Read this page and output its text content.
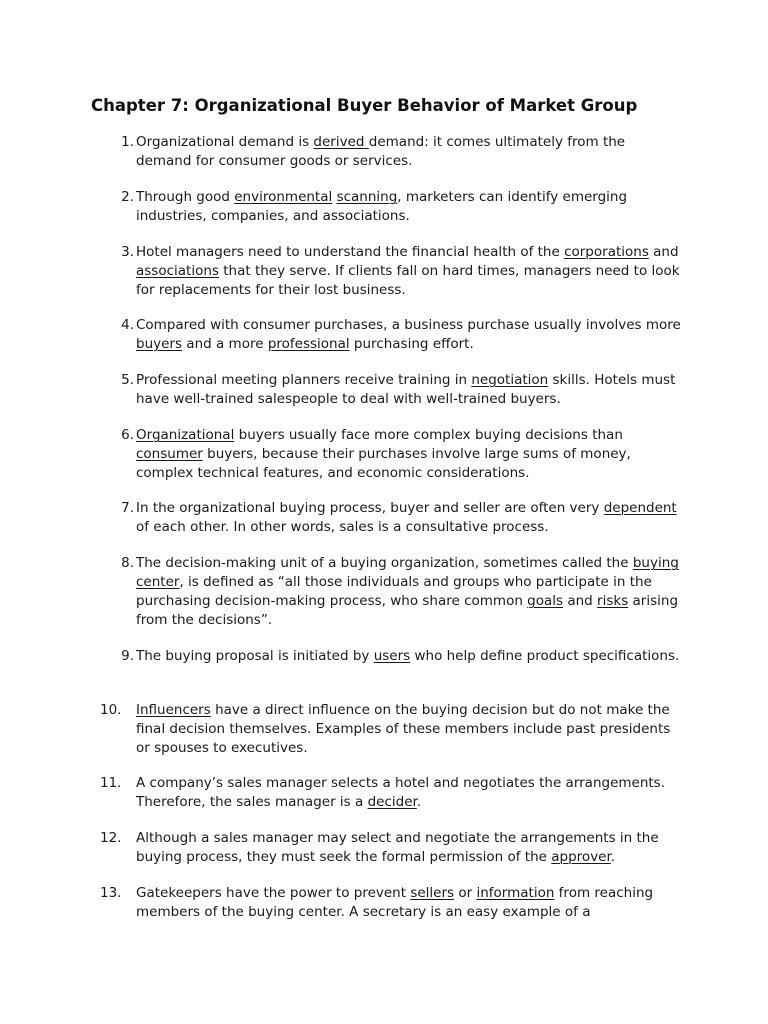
Chapter 7: Organizational Buyer Behavior of Market Group
1. Organizational demand is derived demand: it comes ultimately from the demand for consumer goods or services.
2. Through good environmental scanning, marketers can identify emerging industries, companies, and associations.
3. Hotel managers need to understand the financial health of the corporations and associations that they serve. If clients fall on hard times, managers need to look for replacements for their lost business.
4. Compared with consumer purchases, a business purchase usually involves more buyers and a more professional purchasing effort.
5. Professional meeting planners receive training in negotiation skills. Hotels must have well-trained salespeople to deal with well-trained buyers.
6. Organizational buyers usually face more complex buying decisions than consumer buyers, because their purchases involve large sums of money, complex technical features, and economic considerations.
7. In the organizational buying process, buyer and seller are often very dependent of each other. In other words, sales is a consultative process.
8. The decision-making unit of a buying organization, sometimes called the buying center, is defined as “all those individuals and groups who participate in the purchasing decision-making process, who share common goals and risks arising from the decisions”.
9. The buying proposal is initiated by users who help define product specifications.
10. Influencers have a direct influence on the buying decision but do not make the final decision themselves. Examples of these members include past presidents or spouses to executives.
11. A company’s sales manager selects a hotel and negotiates the arrangements. Therefore, the sales manager is a decider.
12. Although a sales manager may select and negotiate the arrangements in the buying process, they must seek the formal permission of the approver.
13. Gatekeepers have the power to prevent sellers or information from reaching members of the buying center. A secretary is an easy example of a
